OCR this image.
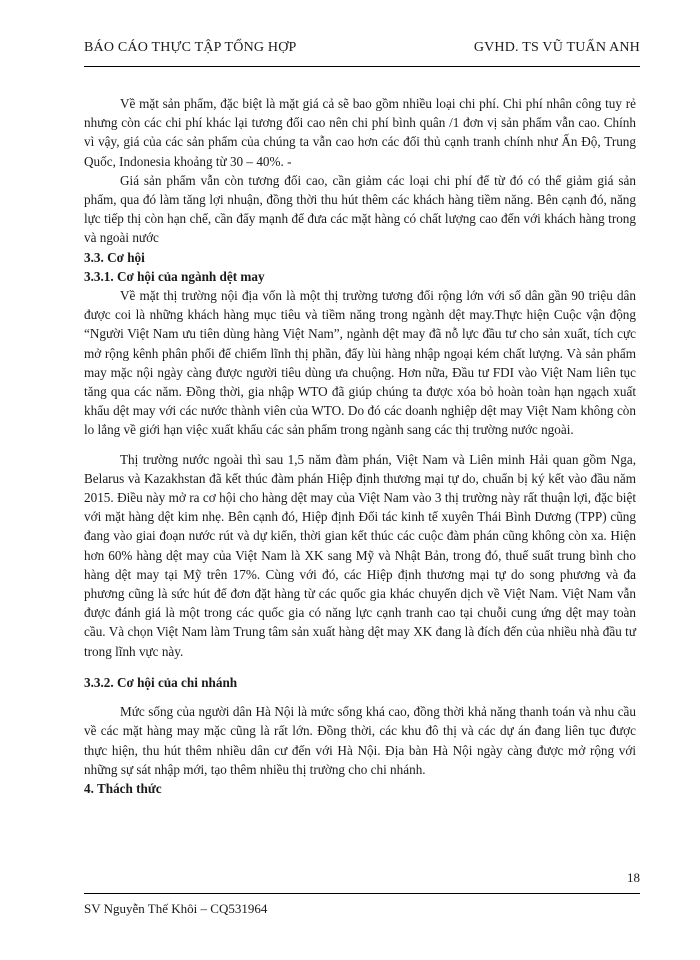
BÁO CÁO THỰC TẬP TỔNG HỢP	GVHD. TS VŨ TUẤN ANH

Về mặt sản phẩm, đặc biệt là mặt giá cả sẽ bao gồm nhiều loại chi phí. Chi phí nhân công tuy rẻ nhưng còn các chi phí khác lại tương đối cao nên chi phí bình quân /1 đơn vị sản phẩm vẫn cao. Chính vì vậy, giá của các sản phẩm của chúng ta vẫn cao hơn các đối thủ cạnh tranh chính như Ấn Độ, Trung Quốc, Indonesia khoảng từ 30 – 40%. -

Giá sản phẩm vẫn còn tương đối cao, cần giảm các loại chi phí để từ đó có thể giảm giá sản phẩm, qua đó làm tăng lợi nhuận, đồng thời thu hút thêm các khách hàng tiềm năng. Bên cạnh đó, năng lực tiếp thị còn hạn chế, cần đẩy mạnh để đưa các mặt hàng có chất lượng cao đến với khách hàng trong và ngoài nước

3.3. Cơ hội

3.3.1. Cơ hội của ngành dệt may

Về mặt thị trường nội địa vốn là một thị trường tương đối rộng lớn với số dân gần 90 triệu dân được coi là những khách hàng mục tiêu và tiềm năng trong ngành dệt may.Thực hiện Cuộc vận động “Người Việt Nam ưu tiên dùng hàng Việt Nam”, ngành dệt may đã nỗ lực đầu tư cho sản xuất, tích cực mở rộng kênh phân phối để chiếm lĩnh thị phần, đẩy lùi hàng nhập ngoại kém chất lượng. Và sản phẩm may mặc nội ngày càng được người tiêu dùng ưa chuộng. Hơn nữa, Đầu tư FDI vào Việt Nam liên tục tăng qua các năm. Đồng thời, gia nhập WTO đã giúp chúng ta được xóa bỏ hoàn toàn hạn ngạch xuất khẩu dệt may với các nước thành viên của WTO. Do đó các doanh nghiệp dệt may Việt Nam không còn lo lắng về giới hạn việc xuất khẩu các sản phẩm trong ngành sang các thị trường nước ngoài.

Thị trường nước ngoài thì sau 1,5 năm đàm phán, Việt Nam và Liên minh Hải quan gồm Nga, Belarus và Kazakhstan đã kết thúc đàm phán Hiệp định thương mại tự do, chuẩn bị ký kết vào đầu năm 2015. Điều này mở ra cơ hội cho hàng dệt may của Việt Nam vào 3 thị trường này rất thuận lợi, đặc biệt với mặt hàng dệt kim nhẹ. Bên cạnh đó, Hiệp định Đối tác kinh tế xuyên Thái Bình Dương (TPP) cũng đang vào giai đoạn nước rút và dự kiến, thời gian kết thúc các cuộc đàm phán cũng không còn xa. Hiện hơn 60% hàng dệt may của Việt Nam là XK sang Mỹ và Nhật Bản, trong đó, thuế suất trung bình cho hàng dệt may tại Mỹ trên 17%. Cùng với đó, các Hiệp định thương mại tự do song phương và đa phương cũng là sức hút để đơn đặt hàng từ các quốc gia khác chuyển dịch về Việt Nam. Việt Nam vẫn được đánh giá là một trong các quốc gia có năng lực cạnh tranh cao tại chuỗi cung ứng dệt may toàn cầu. Và chọn Việt Nam làm Trung tâm sản xuất hàng dệt may XK đang là đích đến của nhiều nhà đầu tư trong lĩnh vực này.

3.3.2. Cơ hội của chi nhánh

Mức sống của người dân Hà Nội là mức sống khá cao, đồng thời khả năng thanh toán và nhu cầu về các mặt hàng may mặc cũng là rất lớn. Đồng thời, các khu đô thị và các dự án đang liên tục được thực hiện, thu hút thêm nhiều dân cư đến với Hà Nội. Địa bàn Hà Nội ngày càng được mở rộng với những sự sát nhập mới, tạo thêm nhiều thị trường cho chi nhánh.

4. Thách thức

18
SV Nguyễn Thế Khôi – CQ531964
